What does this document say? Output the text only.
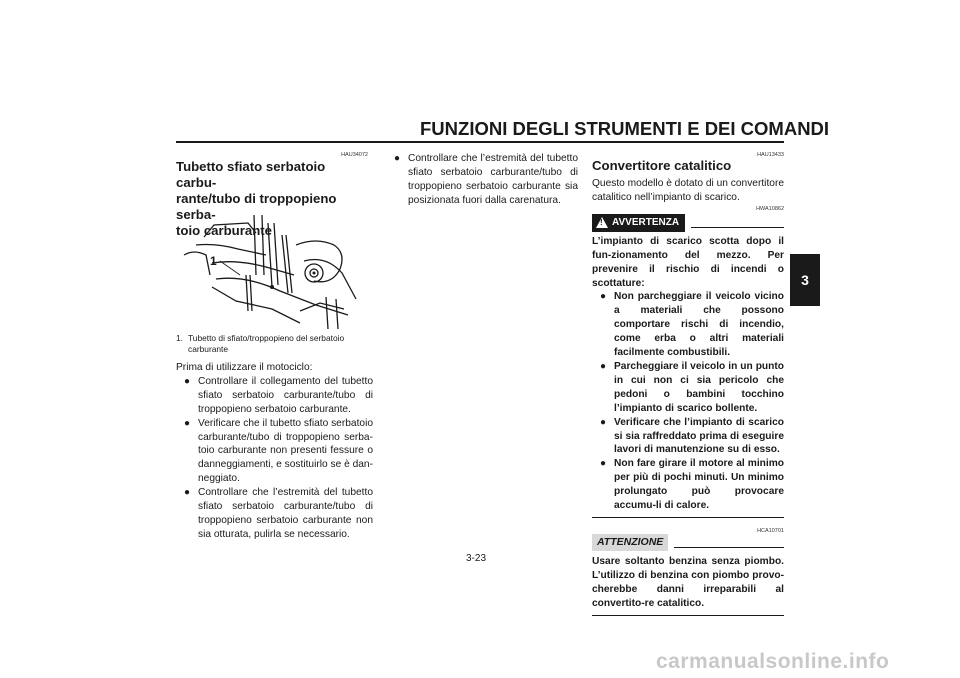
FUNZIONI DEGLI STRUMENTI E DEI COMANDI
3
HAU34072
Tubetto sfiato serbatoio carbu-
rante/tubo di troppopieno serba-
toio carburante
1
1. Tubetto di sfiato/troppopieno del serbatoio carburante

Prima di utilizzare il motociclo:

● Controllare il collegamento del tubetto sfiato serbatoio carburante/tubo di troppopieno serbatoio carburante.
● Verificare che il tubetto sfiato serbatoio carburante/tubo di troppopieno serba-toio carburante non presenti fessure o danneggiamenti, e sostituirlo se è dan-neggiato.
● Controllare che l’estremità del tubetto sfiato serbatoio carburante/tubo di troppopieno serbatoio carburante non sia otturata, pulirla se necessario.
● Controllare che l’estremità del tubetto sfiato serbatoio carburante/tubo di troppopieno serbatoio carburante sia posizionata fuori dalla carenatura.
HAU13433
Convertitore catalitico

Questo modello è dotato di un convertitore catalitico nell’impianto di scarico.

HWA10862
! AVVERTENZA

L’impianto di scarico scotta dopo il fun-zionamento del mezzo. Per prevenire il rischio di incendi o scottature:

● Non parcheggiare il veicolo vicino a materiali che possono comportare rischi di incendio, come erba o altri materiali facilmente combustibili.
● Parcheggiare il veicolo in un punto in cui non ci sia pericolo che pedoni o bambini tocchino l’impianto di scarico bollente.
● Verificare che l’impianto di scarico si sia raffreddato prima di eseguire lavori di manutenzione su di esso.
● Non fare girare il motore al minimo per più di pochi minuti. Un minimo prolungato può provocare accumu-li di calore.
HCA10701
ATTENZIONE

Usare soltanto benzina senza piombo. L’utilizzo di benzina con piombo provo-cherebbe danni irreparabili al convertito-re catalitico.

3-23
carmanualsonline.info
